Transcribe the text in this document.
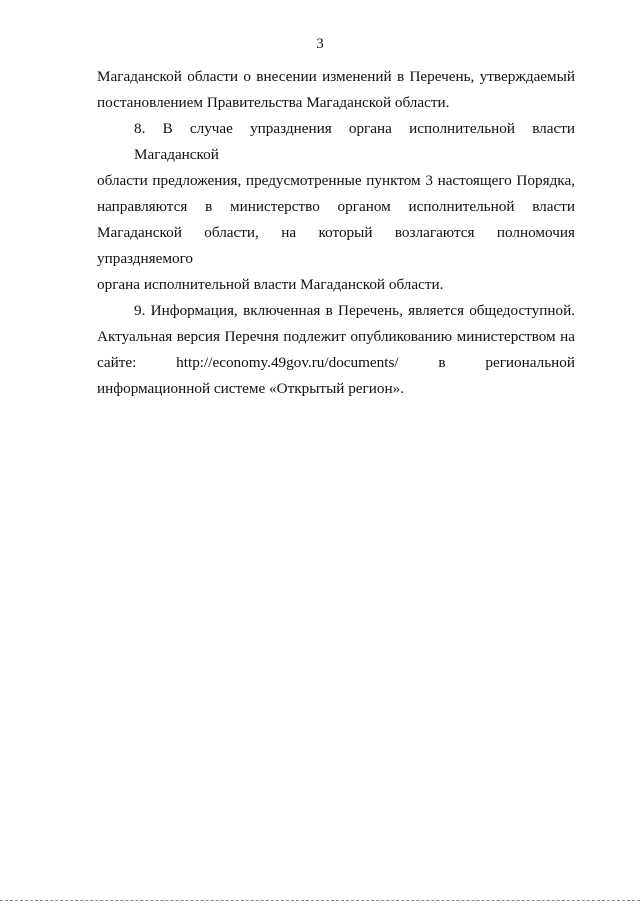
3

Магаданской области о внесении изменений в Перечень, утверждаемый
постановлением Правительства Магаданской области.

8. В случае упразднения органа исполнительной власти Магаданской
области предложения, предусмотренные пунктом 3 настоящего Порядка,
направляются в министерство органом исполнительной власти
Магаданской области, на который возлагаются полномочия упраздняемого
органа исполнительной власти Магаданской области.

9. Информация, включенная в Перечень, является общедоступной.
Актуальная версия Перечня подлежит опубликованию министерством на
сайте: http://economy.49gov.ru/documents/ в региональной
информационной системе «Открытый регион».
